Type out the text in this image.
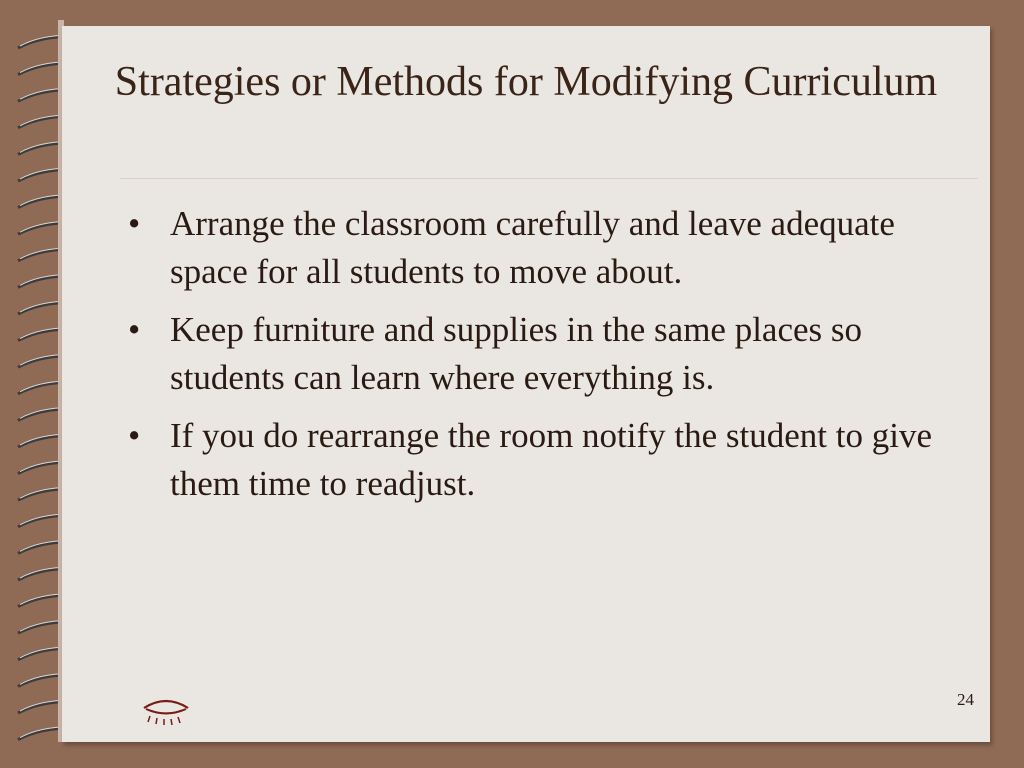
Strategies or Methods for Modifying Curriculum
• Arrange the classroom carefully and leave adequate space for all students to move about.
• Keep furniture and supplies in the same places so students can learn where everything is.
• If you do rearrange the room notify the student to give them time to readjust.
24
